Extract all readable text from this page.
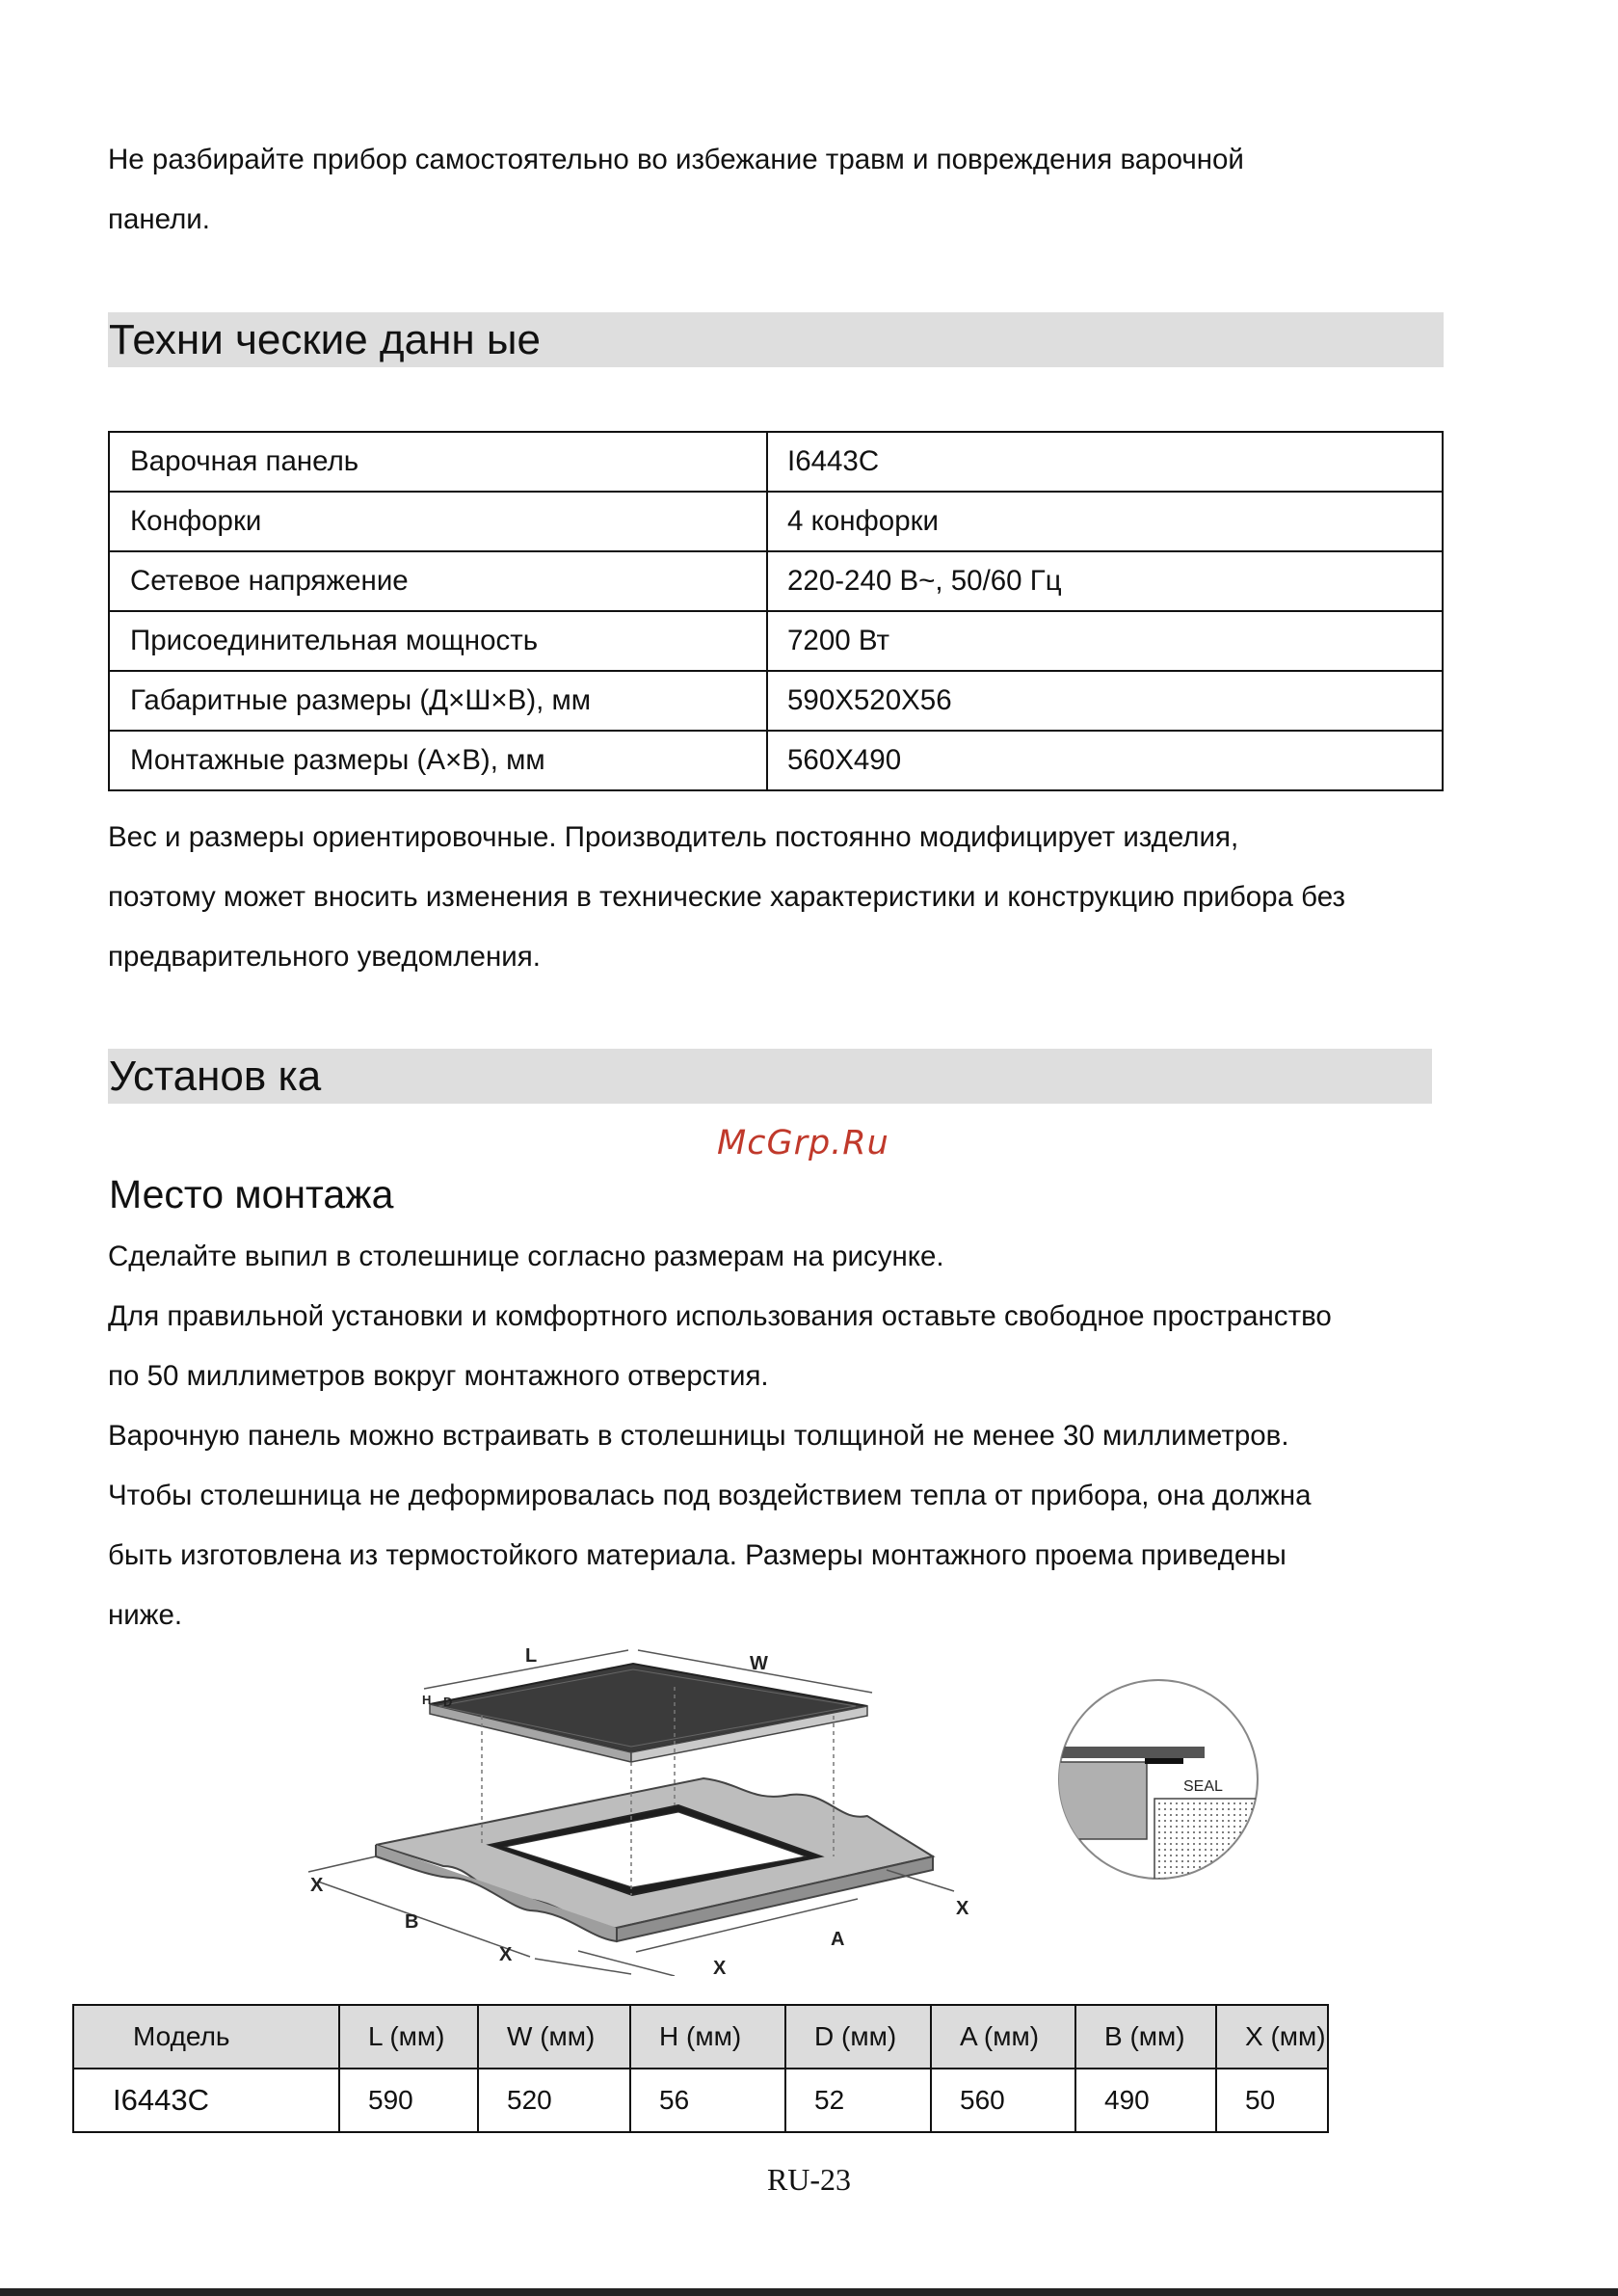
Не разбирайте прибор самостоятельно во избежание травм и повреждения варочной
панели.
Техни ческие данн ые
Варочная панель	I6443C
Конфорки	4 конфорки
Сетевое напряжение	220-240 В~, 50/60 Гц
Присоединительная мощность	7200 Вт
Габаритные размеры (Д×Ш×В), мм	590X520X56
Монтажные размеры (A×B), мм	560X490
Вес и размеры ориентировочные. Производитель постоянно модифицирует изделия,
поэтому может вносить изменения в технические характеристики и конструкцию прибора без
предварительного уведомления.
Установ ка
McGrp.Ru
Место монтажа
Сделайте выпил в столешнице согласно размерам на рисунке.
Для правильной установки и комфортного использования оставьте свободное пространство
по 50 миллиметров вокруг монтажного отверстия.
Варочную панель можно встраивать в столешницы толщиной не менее 30 миллиметров.
Чтобы столешница не деформировалась под воздействием тепла от прибора, она должна
быть изготовлена из термостойкого материала. Размеры монтажного проема приведены
ниже.
L	W
H D
X
B
X
X
A
X
SEAL
Модель	L (мм)	W (мм)	H (мм)	D (мм)	A (мм)	B (мм)	X (мм)
I6443C	590	520	56	52	560	490	50
RU-23
